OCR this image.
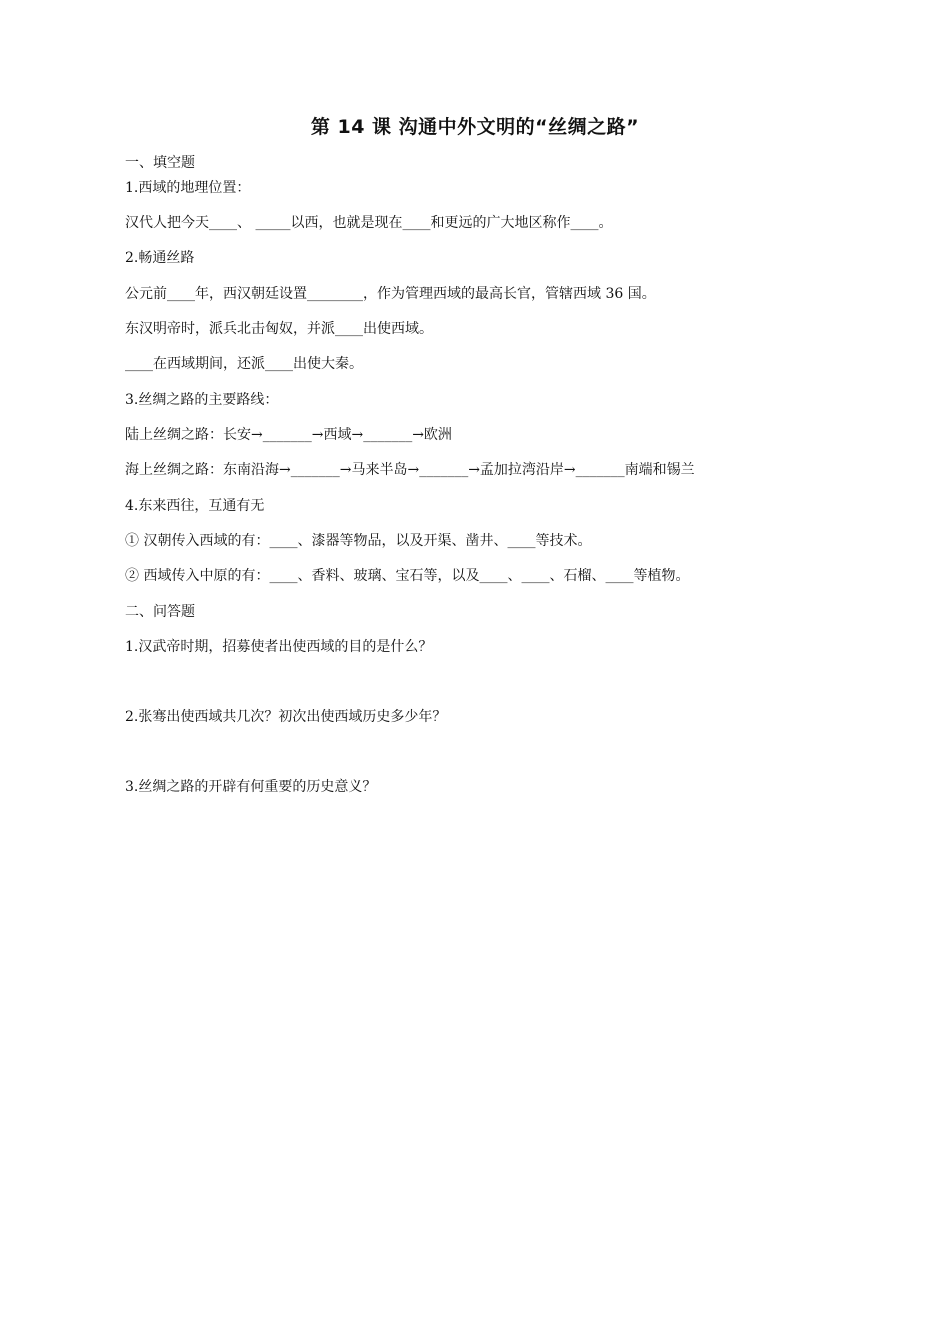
第 14 课 沟通中外文明的“丝绸之路”
一、填空题
1.西域的地理位置：
汉代人把今天____、 _____以西，也就是现在____和更远的广大地区称作____。
2.畅通丝路
公元前____年，西汉朝廷设置________，作为管理西域的最高长官，管辖西域 36 国。
东汉明帝时，派兵北击匈奴，并派____出使西域。
____在西域期间，还派____出使大秦。
3.丝绸之路的主要路线：
陆上丝绸之路：长安→_______→西域→_______→欧洲
海上丝绸之路：东南沿海→_______→马来半岛→_______→孟加拉湾沿岸→_______南端和锡兰
4.东来西往，互通有无
① 汉朝传入西域的有：____、漆器等物品，以及开渠、凿井、____等技术。
② 西域传入中原的有：____、香料、玻璃、宝石等，以及____、____、石榴、____等植物。
二、问答题
1.汉武帝时期，招募使者出使西域的目的是什么？
2.张骞出使西域共几次？初次出使西域历史多少年？
3.丝绸之路的开辟有何重要的历史意义？
